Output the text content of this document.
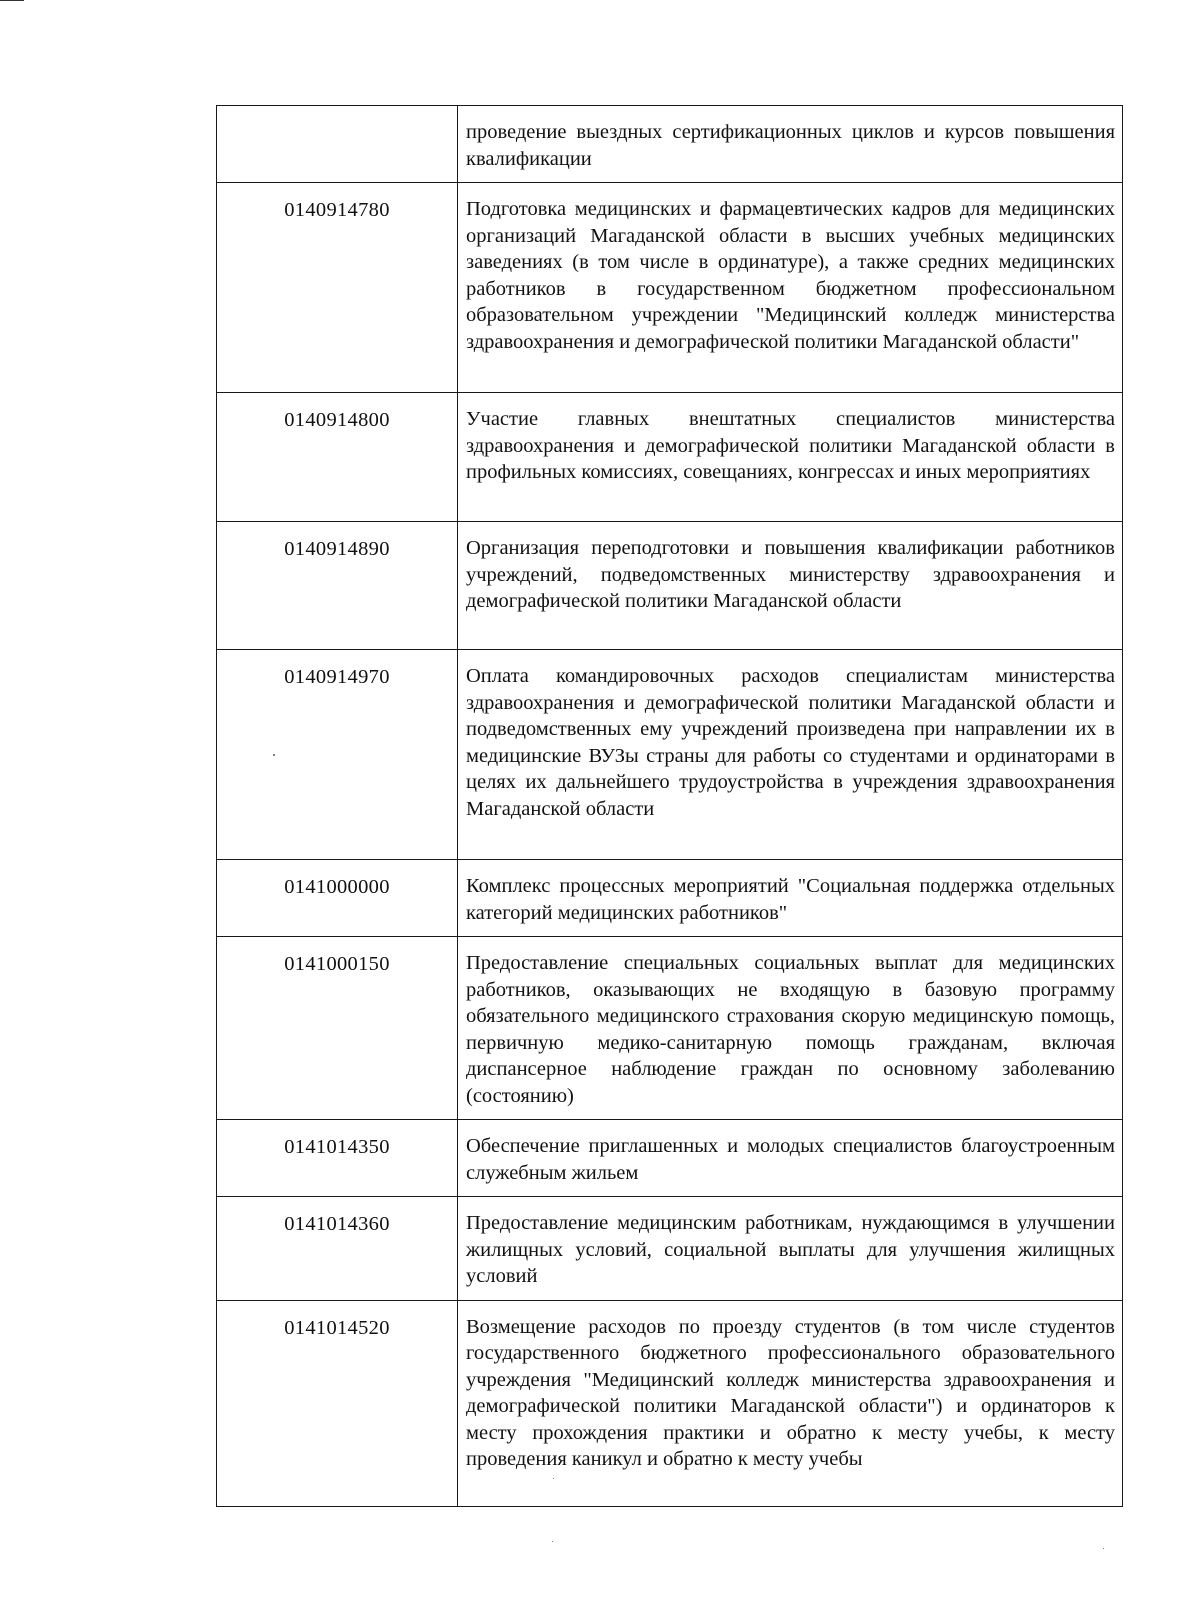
	проведение выездных сертификационных циклов и курсов повышения квалификации
0140914780	Подготовка медицинских и фармацевтических кадров для медицинских организаций Магаданской области в высших учебных медицинских заведениях (в том числе в ординатуре), а также средних медицинских работников в государственном бюджетном профессиональном образовательном учреждении "Медицинский колледж министерства здравоохранения и демографической политики Магаданской области"
0140914800	Участие главных внештатных специалистов министерства здравоохранения и демографической политики Магаданской области в профильных комиссиях, совещаниях, конгрессах и иных мероприятиях
0140914890	Организация переподготовки и повышения квалификации работников учреждений, подведомственных министерству здравоохранения и демографической политики Магаданской области
0140914970	Оплата командировочных расходов специалистам министерства здравоохранения и демографической политики Магаданской области и подведомственных ему учреждений произведена при направлении их в медицинские ВУЗы страны для работы со студентами и ординаторами в целях их дальнейшего трудоустройства в учреждения здравоохранения Магаданской области
0141000000	Комплекс процессных мероприятий "Социальная поддержка отдельных категорий медицинских работников"
0141000150	Предоставление специальных социальных выплат для медицинских работников, оказывающих не входящую в базовую программу обязательного медицинского страхования скорую медицинскую помощь, первичную медико-санитарную помощь гражданам, включая диспансерное наблюдение граждан по основному заболеванию (состоянию)
0141014350	Обеспечение приглашенных и молодых специалистов благоустроенным служебным жильем
0141014360	Предоставление медицинским работникам, нуждающимся в улучшении жилищных условий, социальной выплаты для улучшения жилищных условий
0141014520	Возмещение расходов по проезду студентов (в том числе студентов государственного бюджетного профессионального образовательного учреждения "Медицинский колледж министерства здравоохранения и демографической политики Магаданской области") и ординаторов к месту прохождения практики и обратно к месту учебы, к месту проведения каникул и обратно к месту учебы
